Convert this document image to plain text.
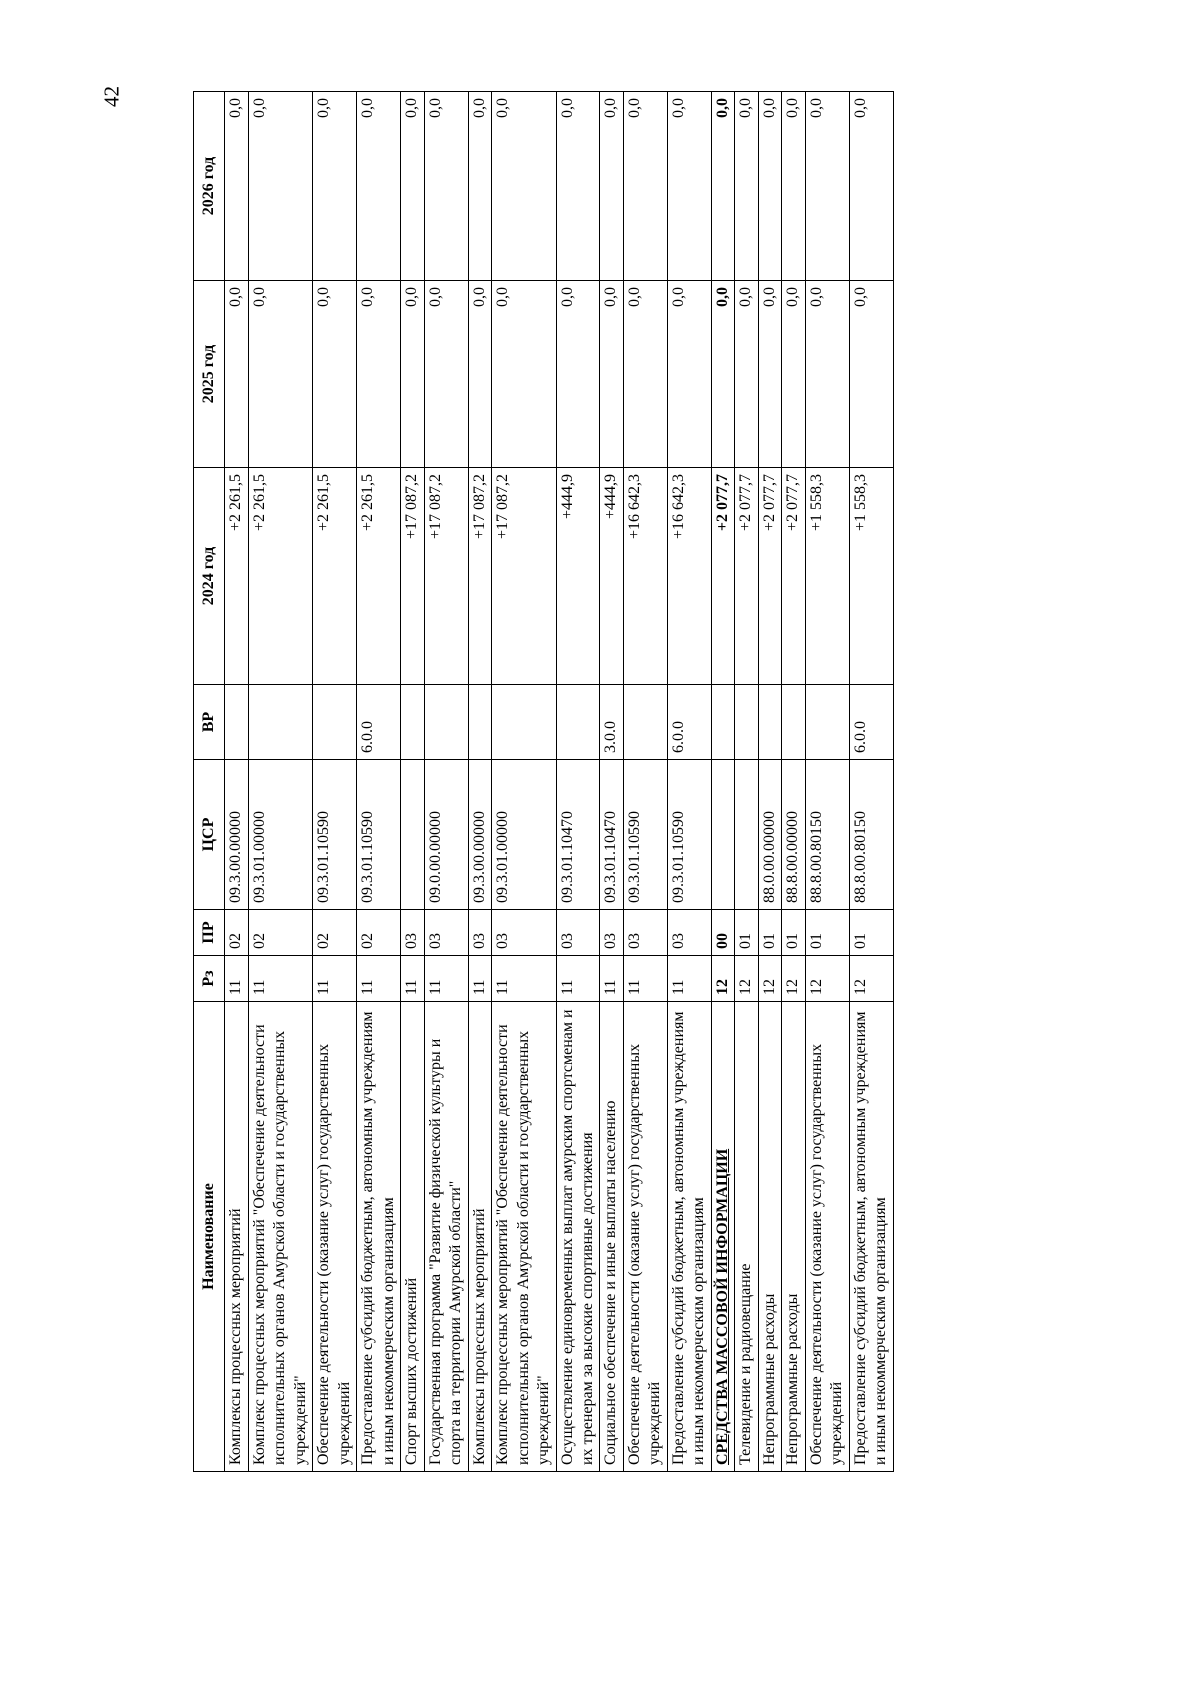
42
Наименование	Рз	ПР	ЦСР	ВР	2024 год	2025 год	2026 год
Комплексы процессных мероприятий	11	02	09.3.00.00000		+2 261,5	0,0	0,0
Комплекс процессных мероприятий "Обеспечение деятельности исполнительных органов Амурской области и государственных учреждений"	11	02	09.3.01.00000		+2 261,5	0,0	0,0
Обеспечение деятельности (оказание услуг) государственных учреждений	11	02	09.3.01.10590		+2 261,5	0,0	0,0
Предоставление субсидий бюджетным, автономным учреждениям и иным некоммерческим организациям	11	02	09.3.01.10590	6.0.0	+2 261,5	0,0	0,0
Спорт высших достижений	11	03			+17 087,2	0,0	0,0
Государственная программа "Развитие физической культуры и спорта на территории Амурской области"	11	03	09.0.00.00000		+17 087,2	0,0	0,0
Комплексы процессных мероприятий	11	03	09.3.00.00000		+17 087,2	0,0	0,0
Комплекс процессных мероприятий "Обеспечение деятельности исполнительных органов Амурской области и государственных учреждений"	11	03	09.3.01.00000		+17 087,2	0,0	0,0
Осуществление единовременных выплат амурским спортсменам и их тренерам за высокие спортивные достижения	11	03	09.3.01.10470		+444,9	0,0	0,0
Социальное обеспечение и иные выплаты населению	11	03	09.3.01.10470	3.0.0	+444,9	0,0	0,0
Обеспечение деятельности (оказание услуг) государственных учреждений	11	03	09.3.01.10590		+16 642,3	0,0	0,0
Предоставление субсидий бюджетным, автономным учреждениям и иным некоммерческим организациям	11	03	09.3.01.10590	6.0.0	+16 642,3	0,0	0,0
СРЕДСТВА МАССОВОЙ ИНФОРМАЦИИ	12	00			+2 077,7	0,0	0,0
Телевидение и радиовещание	12	01			+2 077,7	0,0	0,0
Непрограммные расходы	12	01	88.0.00.00000		+2 077,7	0,0	0,0
Непрограммные расходы	12	01	88.8.00.00000		+2 077,7	0,0	0,0
Обеспечение деятельности (оказание услуг) государственных учреждений	12	01	88.8.00.80150		+1 558,3	0,0	0,0
Предоставление субсидий бюджетным, автономным учреждениям и иным некоммерческим организациям	12	01	88.8.00.80150	6.0.0	+1 558,3	0,0	0,0
